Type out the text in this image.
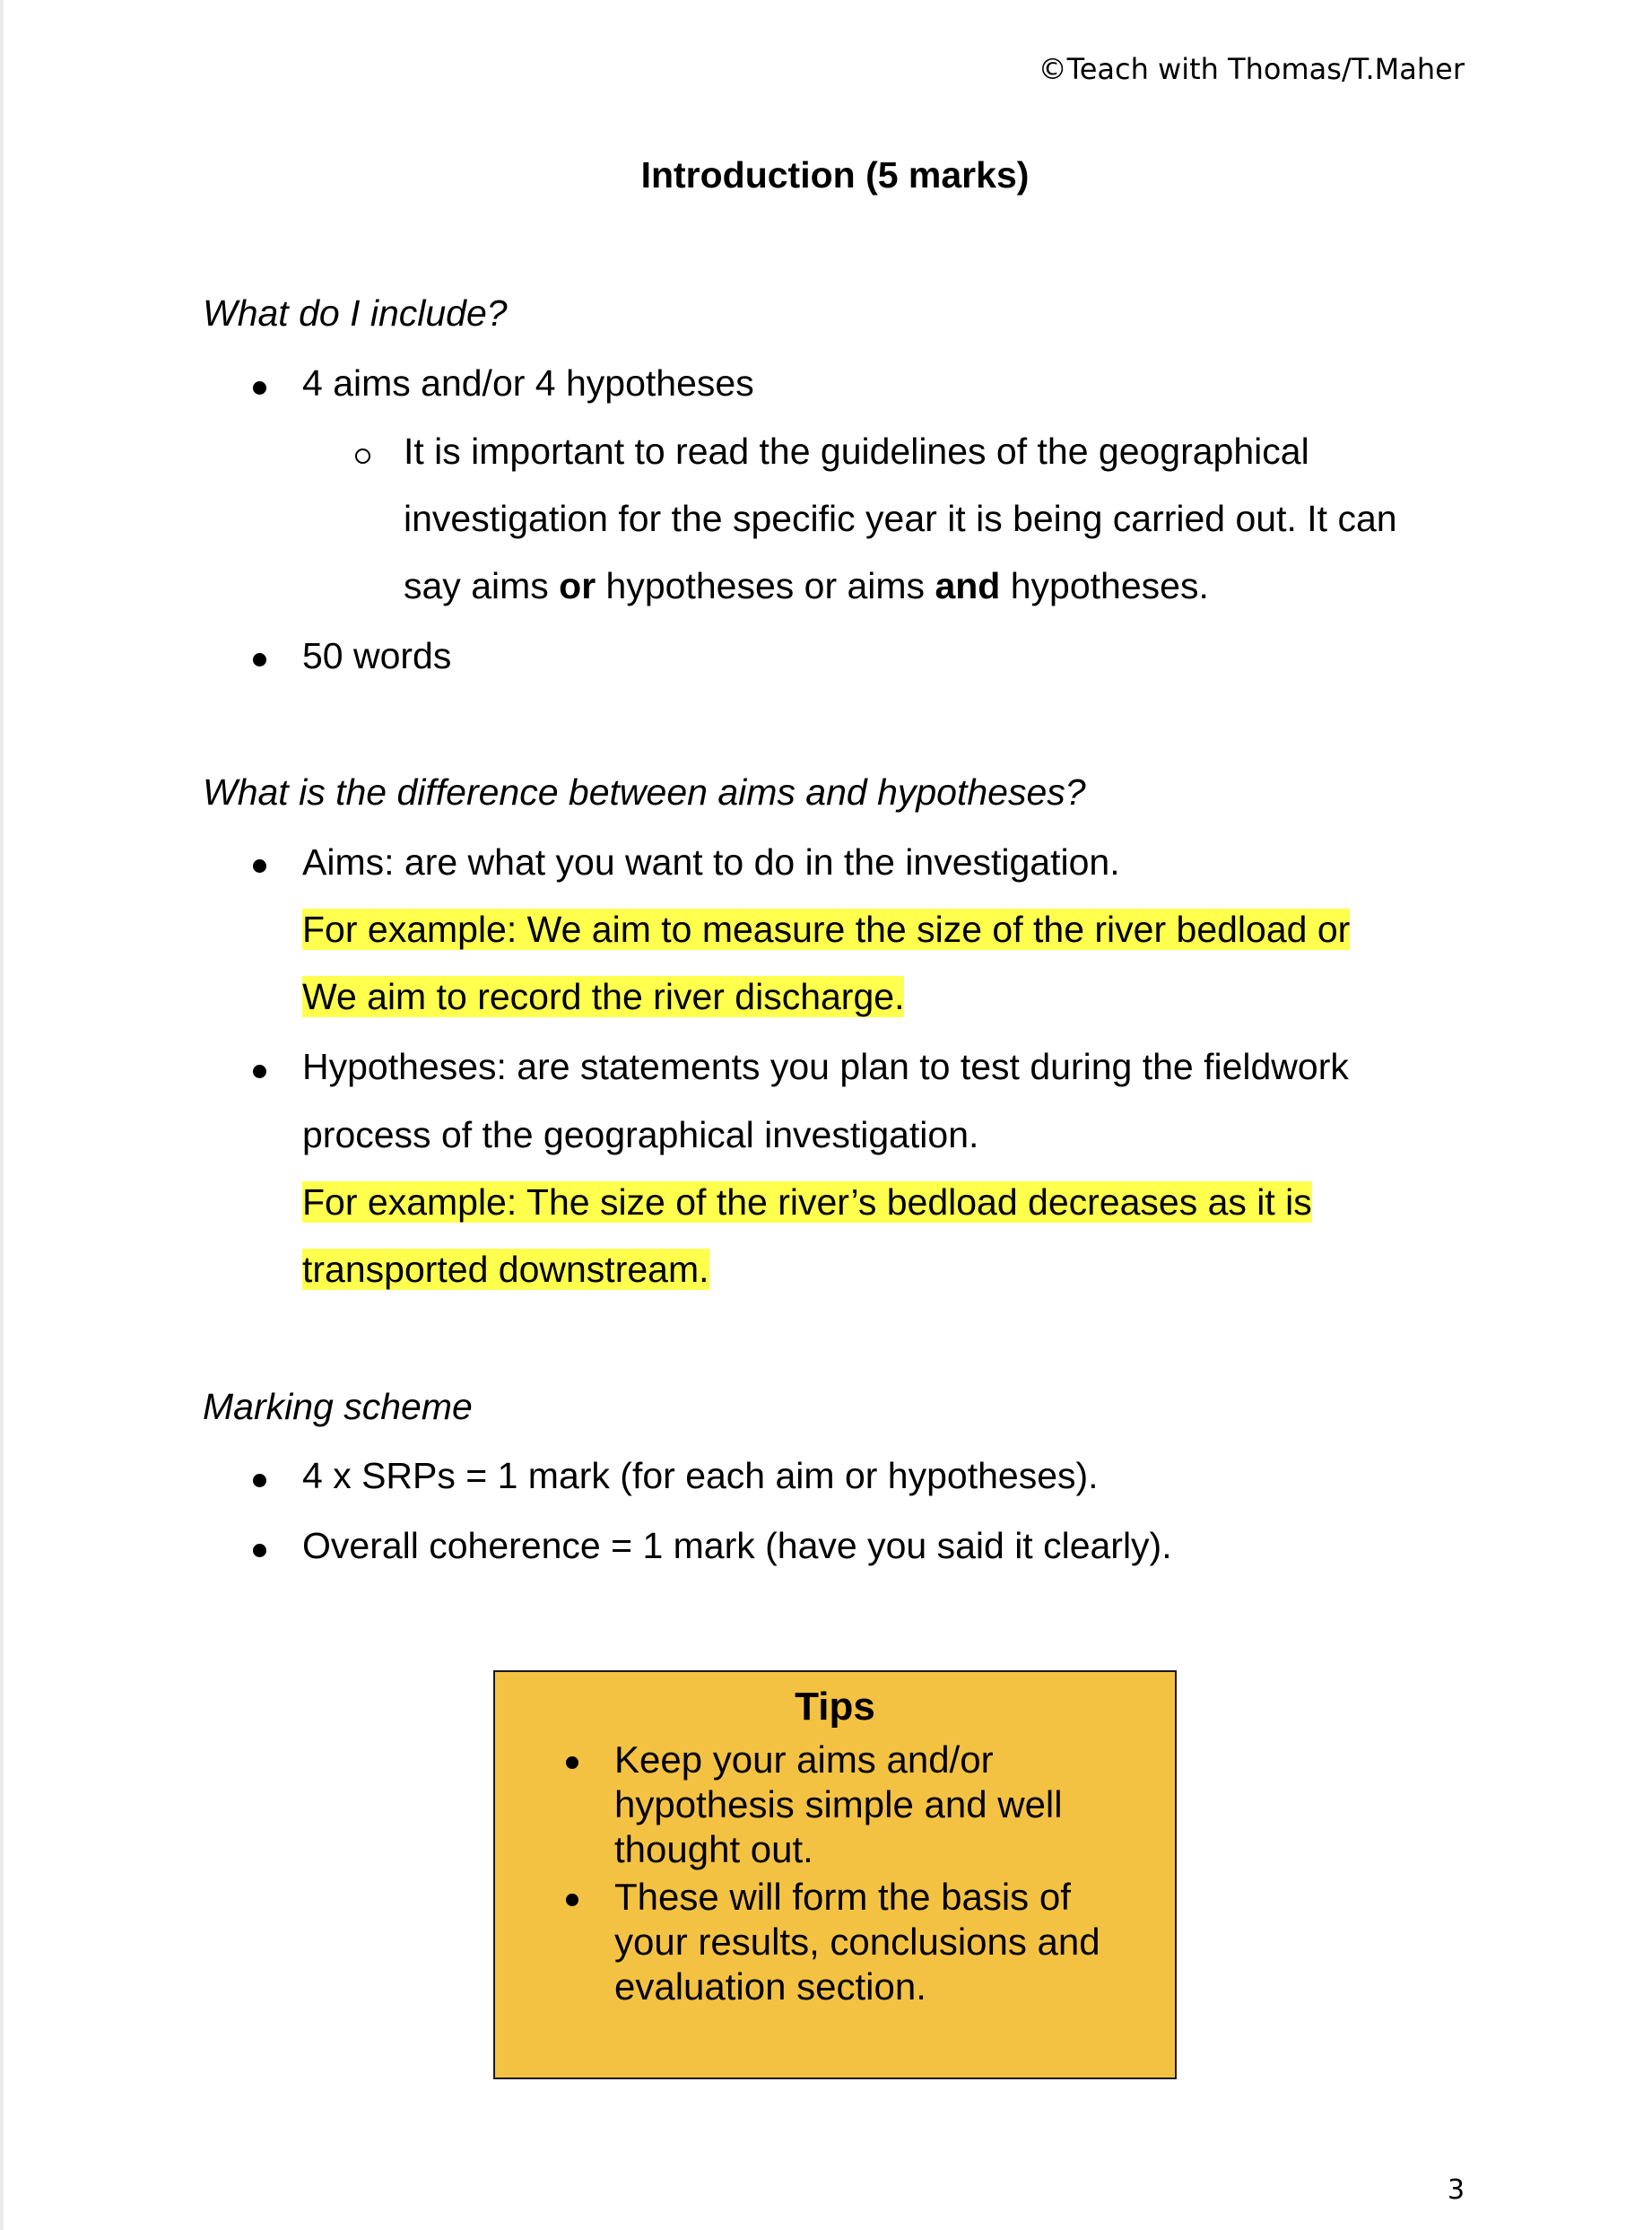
©Teach with Thomas/T.Maher
Introduction (5 marks)
What do I include?
4 aims and/or 4 hypotheses
It is important to read the guidelines of the geographical
investigation for the specific year it is being carried out. It can
say aims or hypotheses or aims and hypotheses.
50 words
What is the difference between aims and hypotheses?
Aims: are what you want to do in the investigation.
For example: We aim to measure the size of the river bedload or
We aim to record the river discharge.
Hypotheses: are statements you plan to test during the fieldwork
process of the geographical investigation.
For example: The size of the river’s bedload decreases as it is
transported downstream.
Marking scheme
4 x SRPs = 1 mark (for each aim or hypotheses).
Overall coherence = 1 mark (have you said it clearly).
Tips
Keep your aims and/or
hypothesis simple and well
thought out.
These will form the basis of
your results, conclusions and
evaluation section.
3
